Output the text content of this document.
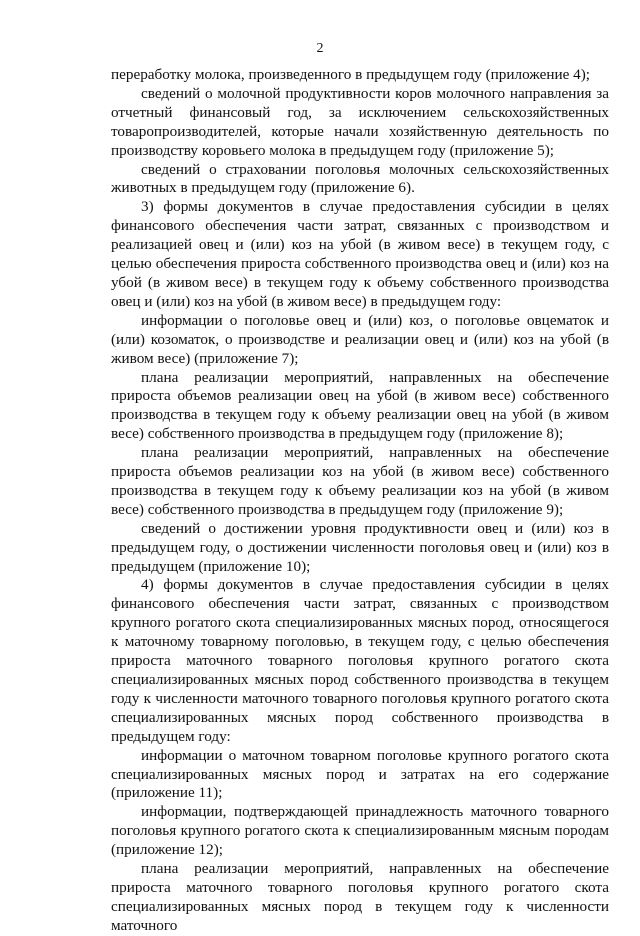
2

переработку молока, произведенного в предыдущем году (приложение 4);

сведений о молочной продуктивности коров молочного направления за отчетный финансовый год, за исключением сельскохозяйственных товаропроизводителей, которые начали хозяйственную деятельность по производству коровьего молока в предыдущем году (приложение 5);

сведений о страховании поголовья молочных сельскохозяйственных животных в предыдущем году (приложение 6).

3) формы документов в случае предоставления субсидии в целях финансового обеспечения части затрат, связанных с производством и реализацией овец и (или) коз на убой (в живом весе) в текущем году, с целью обеспечения прироста собственного производства овец и (или) коз на убой (в живом весе) в текущем году к объему собственного производства овец и (или) коз на убой (в живом весе) в предыдущем году:

информации о поголовье овец и (или) коз, о поголовье овцематок и (или) козоматок, о производстве и реализации овец и (или) коз на убой (в живом весе) (приложение 7);

плана реализации мероприятий, направленных на обеспечение прироста объемов реализации овец на убой (в живом весе) собственного производства в текущем году к объему реализации овец на убой (в живом весе) собственного производства в предыдущем году (приложение 8);

плана реализации мероприятий, направленных на обеспечение прироста объемов реализации коз на убой (в живом весе) собственного производства в текущем году к объему реализации коз на убой (в живом весе) собственного производства в предыдущем году (приложение 9);

сведений о достижении уровня продуктивности овец и (или) коз в предыдущем году, о достижении численности поголовья овец и (или) коз в предыдущем (приложение 10);

4) формы документов в случае предоставления субсидии в целях финансового обеспечения части затрат, связанных с производством крупного рогатого скота специализированных мясных пород, относящегося к маточному товарному поголовью, в текущем году, с целью обеспечения прироста маточного товарного поголовья крупного рогатого скота специализированных мясных пород собственного производства в текущем году к численности маточного товарного поголовья крупного рогатого скота специализированных мясных пород собственного производства в предыдущем году:

информации о маточном товарном поголовье крупного рогатого скота специализированных мясных пород и затратах на его содержание (приложение 11);

информации, подтверждающей принадлежность маточного товарного поголовья крупного рогатого скота к специализированным мясным породам (приложение 12);

плана реализации мероприятий, направленных на обеспечение прироста маточного товарного поголовья крупного рогатого скота специализированных мясных пород в текущем году к численности маточного
